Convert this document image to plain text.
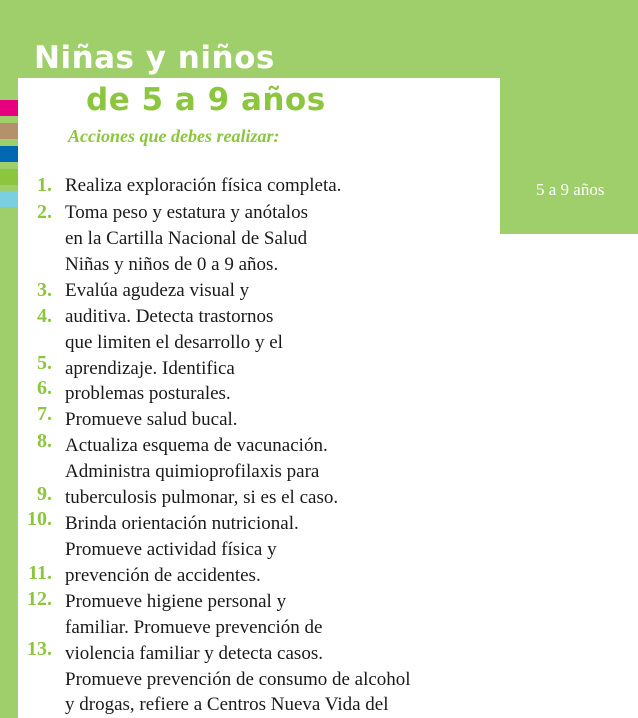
Niñas y niños
de 5 a 9 años
Acciones que debes realizar:
5 a 9 años
1.
2.
3.
4.
5.
6.
7.
8.
9.
10.
11.
12.
13.
Realiza exploración física completa.
Toma peso y estatura y anótalos
en la Cartilla Nacional de Salud
Niñas y niños de 0 a 9 años.
Evalúa agudeza visual y
auditiva. Detecta trastornos
que limiten el desarrollo y el
aprendizaje. Identifica
problemas posturales.
Promueve salud bucal.
Actualiza esquema de vacunación.
Administra quimioprofilaxis para
tuberculosis pulmonar, si es el caso.
Brinda orientación nutricional.
Promueve actividad física y
prevención de accidentes.
Promueve higiene personal y
familiar. Promueve prevención de
violencia familiar y detecta casos.
Promueve prevención de consumo de alcohol
y drogas, refiere a Centros Nueva Vida del
